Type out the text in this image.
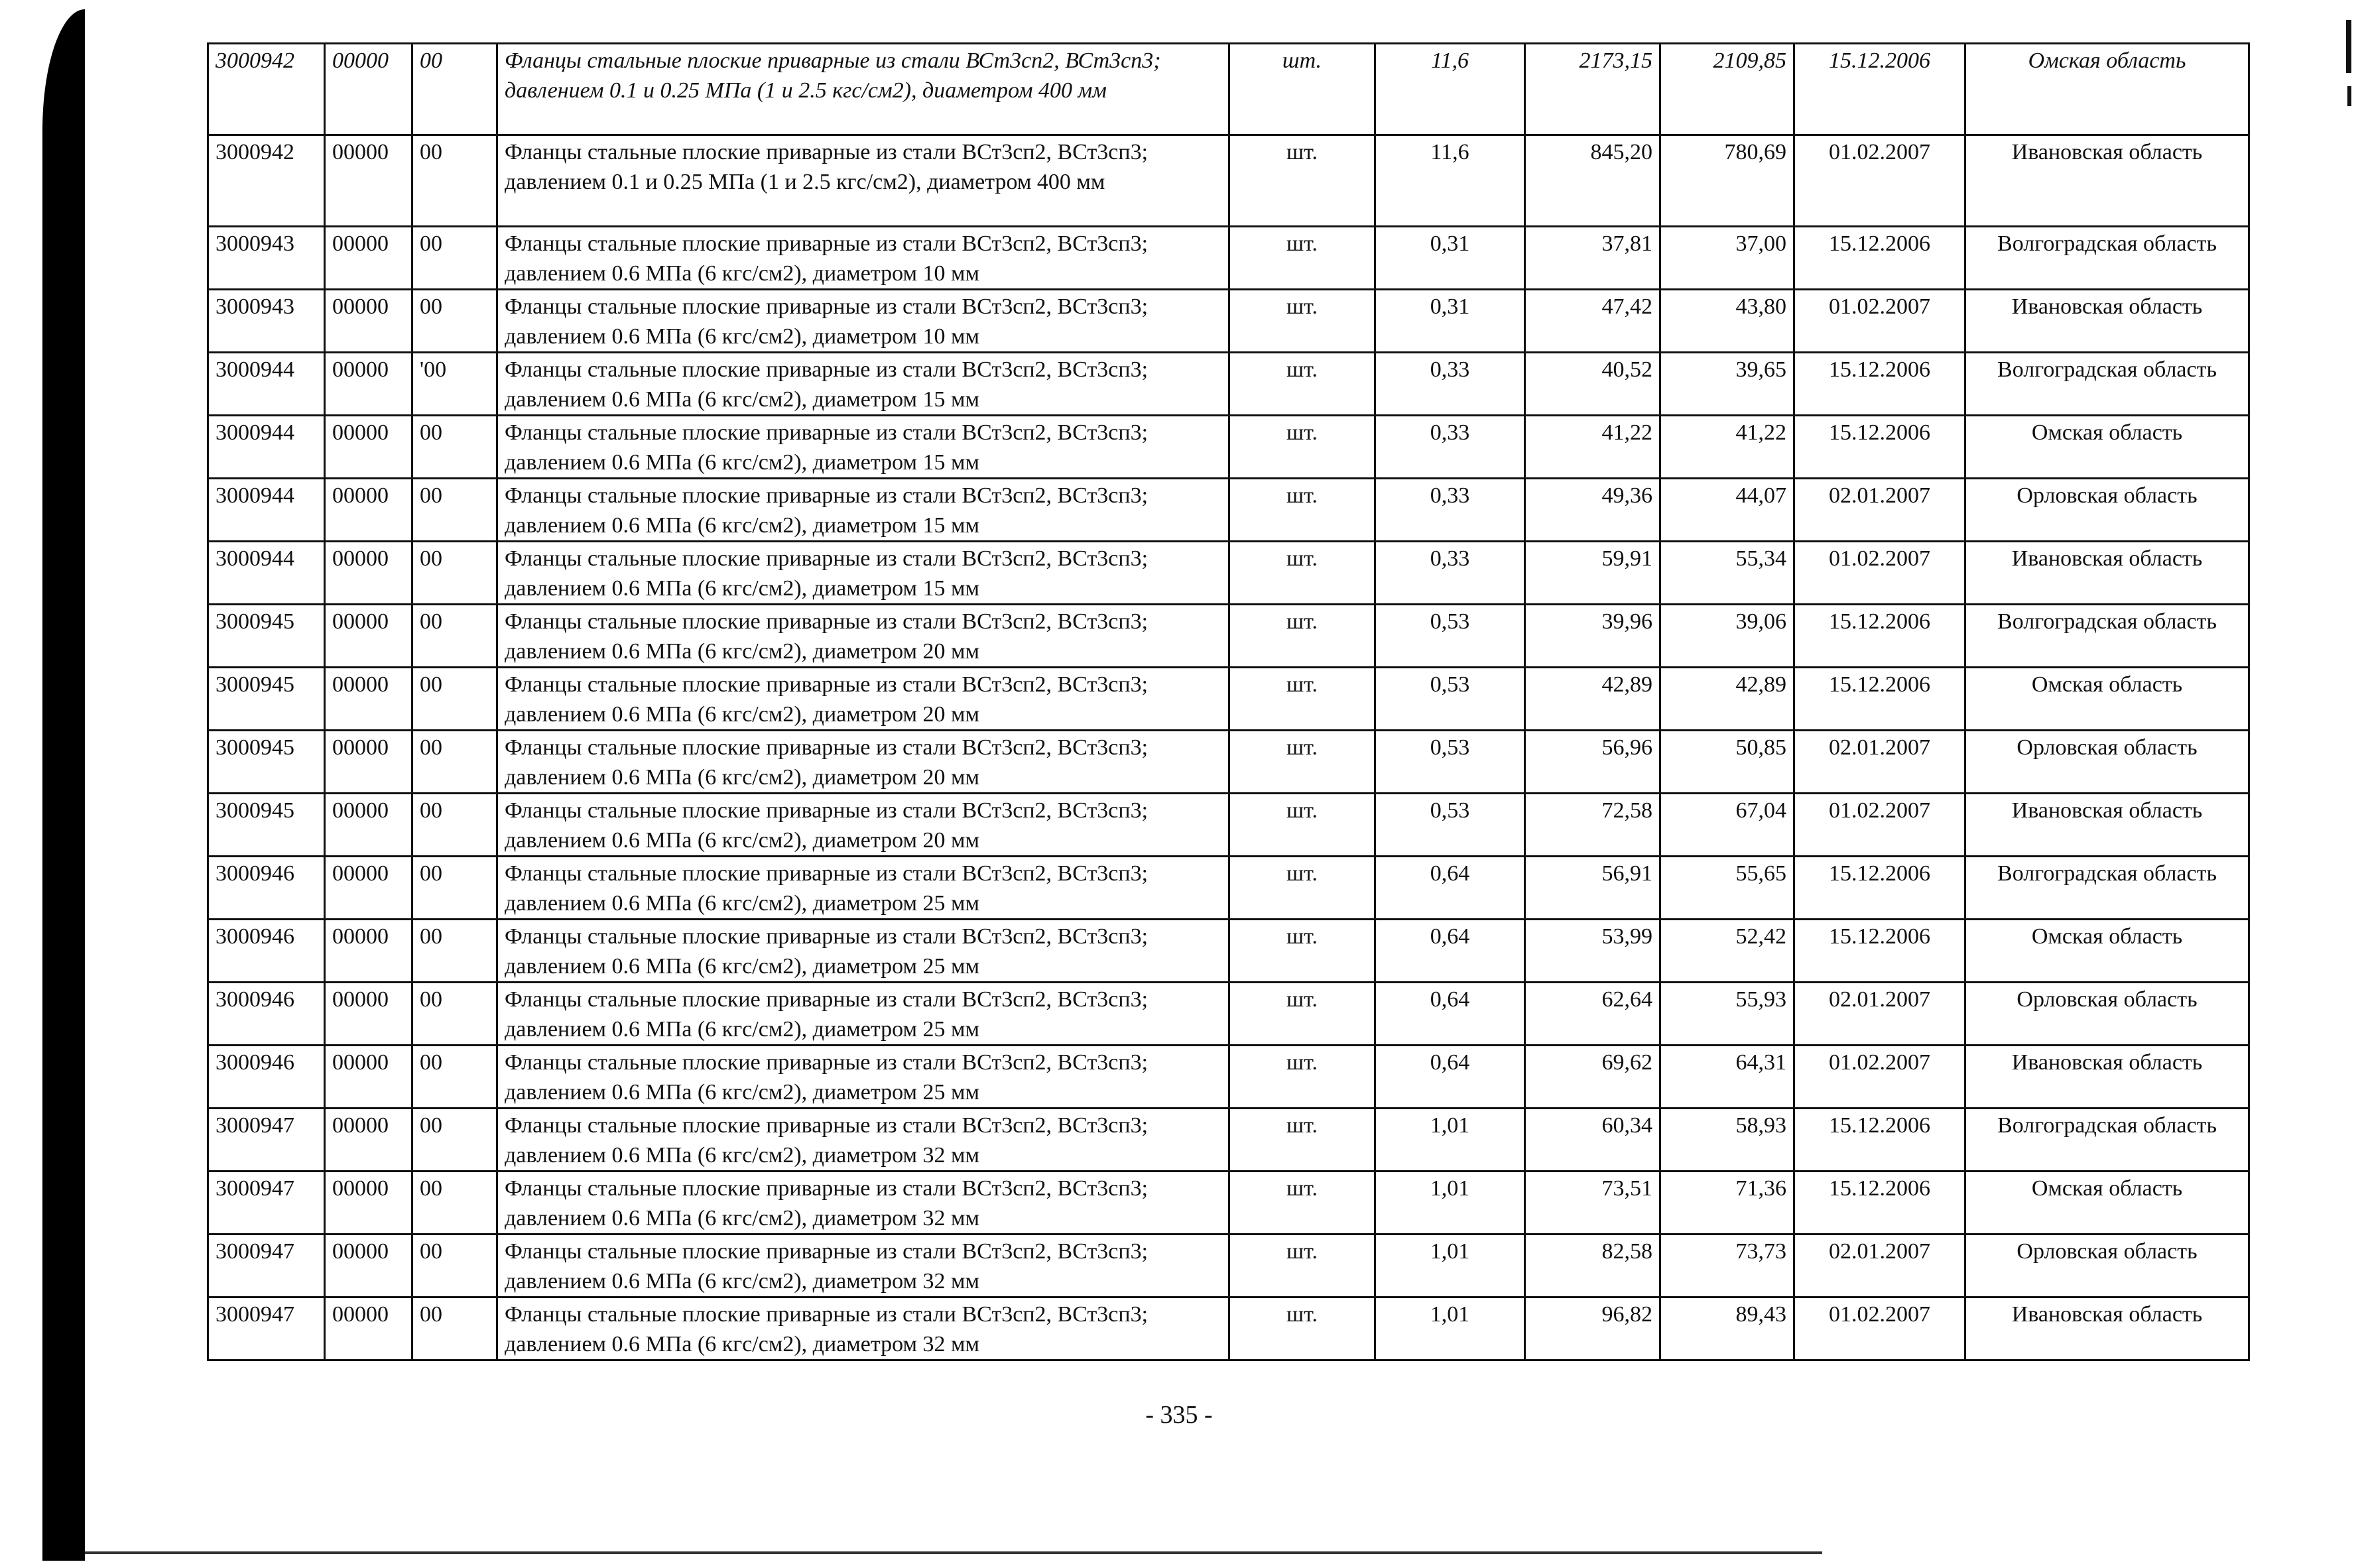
3000942	00000	00	Фланцы стальные плоские приварные из стали ВСт3сп2, ВСт3сп3; давлением 0.1 и 0.25 МПа (1 и 2.5 кгс/см2), диаметром 400 мм	шт.	11,6	2173,15	2109,85	15.12.2006	Омская область
3000942	00000	00	Фланцы стальные плоские приварные из стали ВСт3сп2, ВСт3сп3; давлением 0.1 и 0.25 МПа (1 и 2.5 кгс/см2), диаметром 400 мм	шт.	11,6	845,20	780,69	01.02.2007	Ивановская область
3000943	00000	00	Фланцы стальные плоские приварные из стали ВСт3сп2, ВСт3сп3; давлением 0.6 МПа (6 кгс/см2), диаметром 10 мм	шт.	0,31	37,81	37,00	15.12.2006	Волгоградская область
3000943	00000	00	Фланцы стальные плоские приварные из стали ВСт3сп2, ВСт3сп3; давлением 0.6 МПа (6 кгс/см2), диаметром 10 мм	шт.	0,31	47,42	43,80	01.02.2007	Ивановская область
3000944	00000	'00	Фланцы стальные плоские приварные из стали ВСт3сп2, ВСт3сп3; давлением 0.6 МПа (6 кгс/см2), диаметром 15 мм	шт.	0,33	40,52	39,65	15.12.2006	Волгоградская область
3000944	00000	00	Фланцы стальные плоские приварные из стали ВСт3сп2, ВСт3сп3; давлением 0.6 МПа (6 кгс/см2), диаметром 15 мм	шт.	0,33	41,22	41,22	15.12.2006	Омская область
3000944	00000	00	Фланцы стальные плоские приварные из стали ВСт3сп2, ВСт3сп3; давлением 0.6 МПа (6 кгс/см2), диаметром 15 мм	шт.	0,33	49,36	44,07	02.01.2007	Орловская область
3000944	00000	00	Фланцы стальные плоские приварные из стали ВСт3сп2, ВСт3сп3; давлением 0.6 МПа (6 кгс/см2), диаметром 15 мм	шт.	0,33	59,91	55,34	01.02.2007	Ивановская область
3000945	00000	00	Фланцы стальные плоские приварные из стали ВСт3сп2, ВСт3сп3; давлением 0.6 МПа (6 кгс/см2), диаметром 20 мм	шт.	0,53	39,96	39,06	15.12.2006	Волгоградская область
3000945	00000	00	Фланцы стальные плоские приварные из стали ВСт3сп2, ВСт3сп3; давлением 0.6 МПа (6 кгс/см2), диаметром 20 мм	шт.	0,53	42,89	42,89	15.12.2006	Омская область
3000945	00000	00	Фланцы стальные плоские приварные из стали ВСт3сп2, ВСт3сп3; давлением 0.6 МПа (6 кгс/см2), диаметром 20 мм	шт.	0,53	56,96	50,85	02.01.2007	Орловская область
3000945	00000	00	Фланцы стальные плоские приварные из стали ВСт3сп2, ВСт3сп3; давлением 0.6 МПа (6 кгс/см2), диаметром 20 мм	шт.	0,53	72,58	67,04	01.02.2007	Ивановская область
3000946	00000	00	Фланцы стальные плоские приварные из стали ВСт3сп2, ВСт3сп3; давлением 0.6 МПа (6 кгс/см2), диаметром 25 мм	шт.	0,64	56,91	55,65	15.12.2006	Волгоградская область
3000946	00000	00	Фланцы стальные плоские приварные из стали ВСт3сп2, ВСт3сп3; давлением 0.6 МПа (6 кгс/см2), диаметром 25 мм	шт.	0,64	53,99	52,42	15.12.2006	Омская область
3000946	00000	00	Фланцы стальные плоские приварные из стали ВСт3сп2, ВСт3сп3; давлением 0.6 МПа (6 кгс/см2), диаметром 25 мм	шт.	0,64	62,64	55,93	02.01.2007	Орловская область
3000946	00000	00	Фланцы стальные плоские приварные из стали ВСт3сп2, ВСт3сп3; давлением 0.6 МПа (6 кгс/см2), диаметром 25 мм	шт.	0,64	69,62	64,31	01.02.2007	Ивановская область
3000947	00000	00	Фланцы стальные плоские приварные из стали ВСт3сп2, ВСт3сп3; давлением 0.6 МПа (6 кгс/см2), диаметром 32 мм	шт.	1,01	60,34	58,93	15.12.2006	Волгоградская область
3000947	00000	00	Фланцы стальные плоские приварные из стали ВСт3сп2, ВСт3сп3; давлением 0.6 МПа (6 кгс/см2), диаметром 32 мм	шт.	1,01	73,51	71,36	15.12.2006	Омская область
3000947	00000	00	Фланцы стальные плоские приварные из стали ВСт3сп2, ВСт3сп3; давлением 0.6 МПа (6 кгс/см2), диаметром 32 мм	шт.	1,01	82,58	73,73	02.01.2007	Орловская область
3000947	00000	00	Фланцы стальные плоские приварные из стали ВСт3сп2, ВСт3сп3; давлением 0.6 МПа (6 кгс/см2), диаметром 32 мм	шт.	1,01	96,82	89,43	01.02.2007	Ивановская область
- 335 -
